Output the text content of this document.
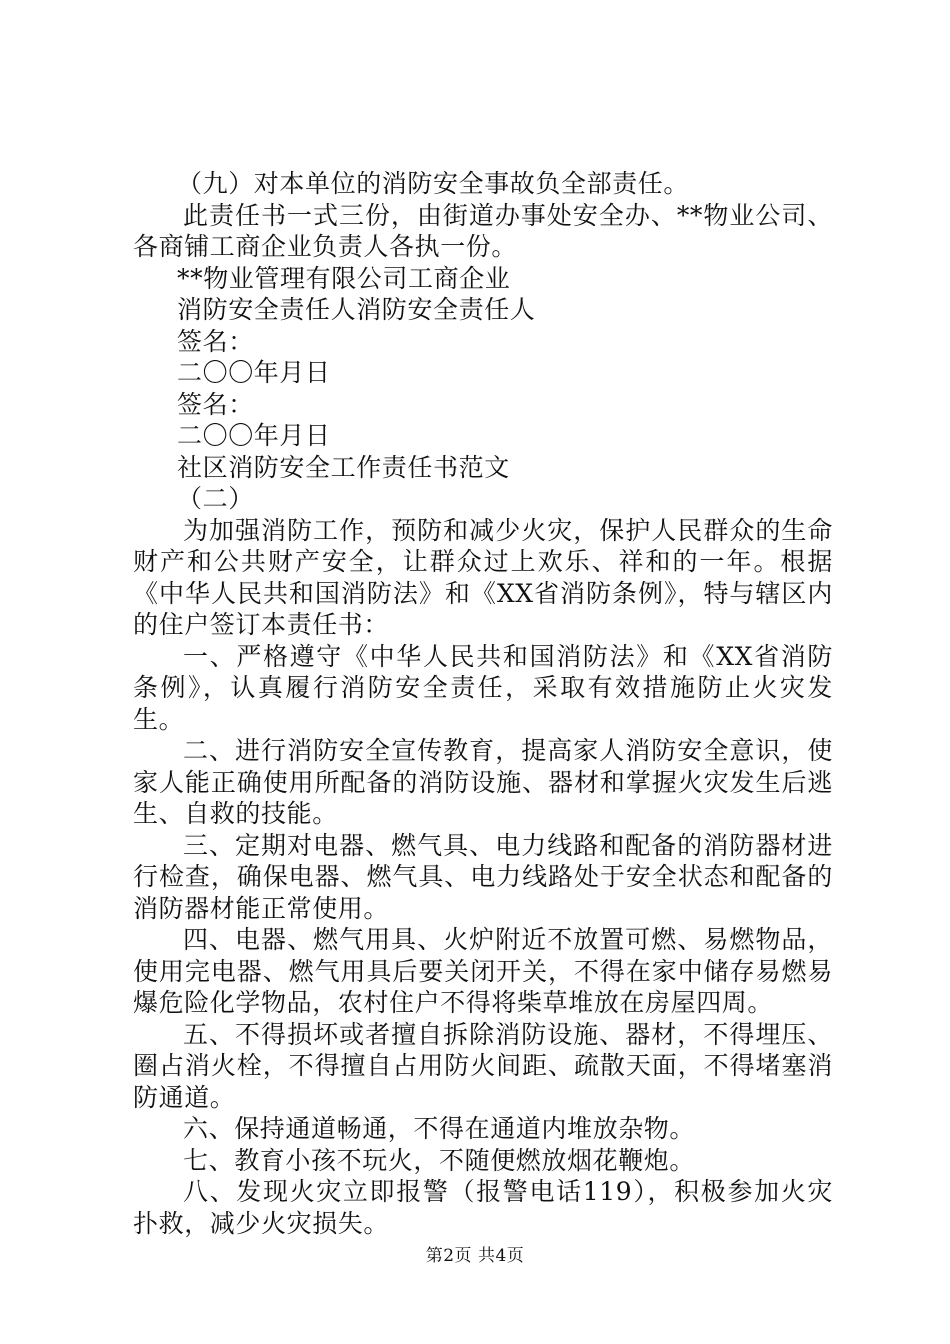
（九）对本单位的消防安全事故负全部责任。

此责任书一式三份，由街道办事处安全办、**物业公司、各商铺工商企业负责人各执一份。

**物业管理有限公司工商企业

消防安全责任人消防安全责任人

签名：

二〇〇年月日

签名：

二〇〇年月日

社区消防安全工作责任书范文

（二）

为加强消防工作，预防和减少火灾，保护人民群众的生命财产和公共财产安全，让群众过上欢乐、祥和的一年。根据《中华人民共和国消防法》和《XX省消防条例》，特与辖区内的住户签订本责任书：

一、严格遵守《中华人民共和国消防法》和《XX省消防条例》，认真履行消防安全责任，采取有效措施防止火灾发生。

二、进行消防安全宣传教育，提高家人消防安全意识，使家人能正确使用所配备的消防设施、器材和掌握火灾发生后逃生、自救的技能。

三、定期对电器、燃气具、电力线路和配备的消防器材进行检查，确保电器、燃气具、电力线路处于安全状态和配备的消防器材能正常使用。

四、电器、燃气用具、火炉附近不放置可燃、易燃物品，使用完电器、燃气用具后要关闭开关，不得在家中储存易燃易爆危险化学物品，农村住户不得将柴草堆放在房屋四周。

五、不得损坏或者擅自拆除消防设施、器材，不得埋压、圈占消火栓，不得擅自占用防火间距、疏散天面，不得堵塞消防通道。

六、保持通道畅通，不得在通道内堆放杂物。

七、教育小孩不玩火，不随便燃放烟花鞭炮。

八、发现火灾立即报警（报警电话119），积极参加火灾扑救，减少火灾损失。

第2页 共4页
